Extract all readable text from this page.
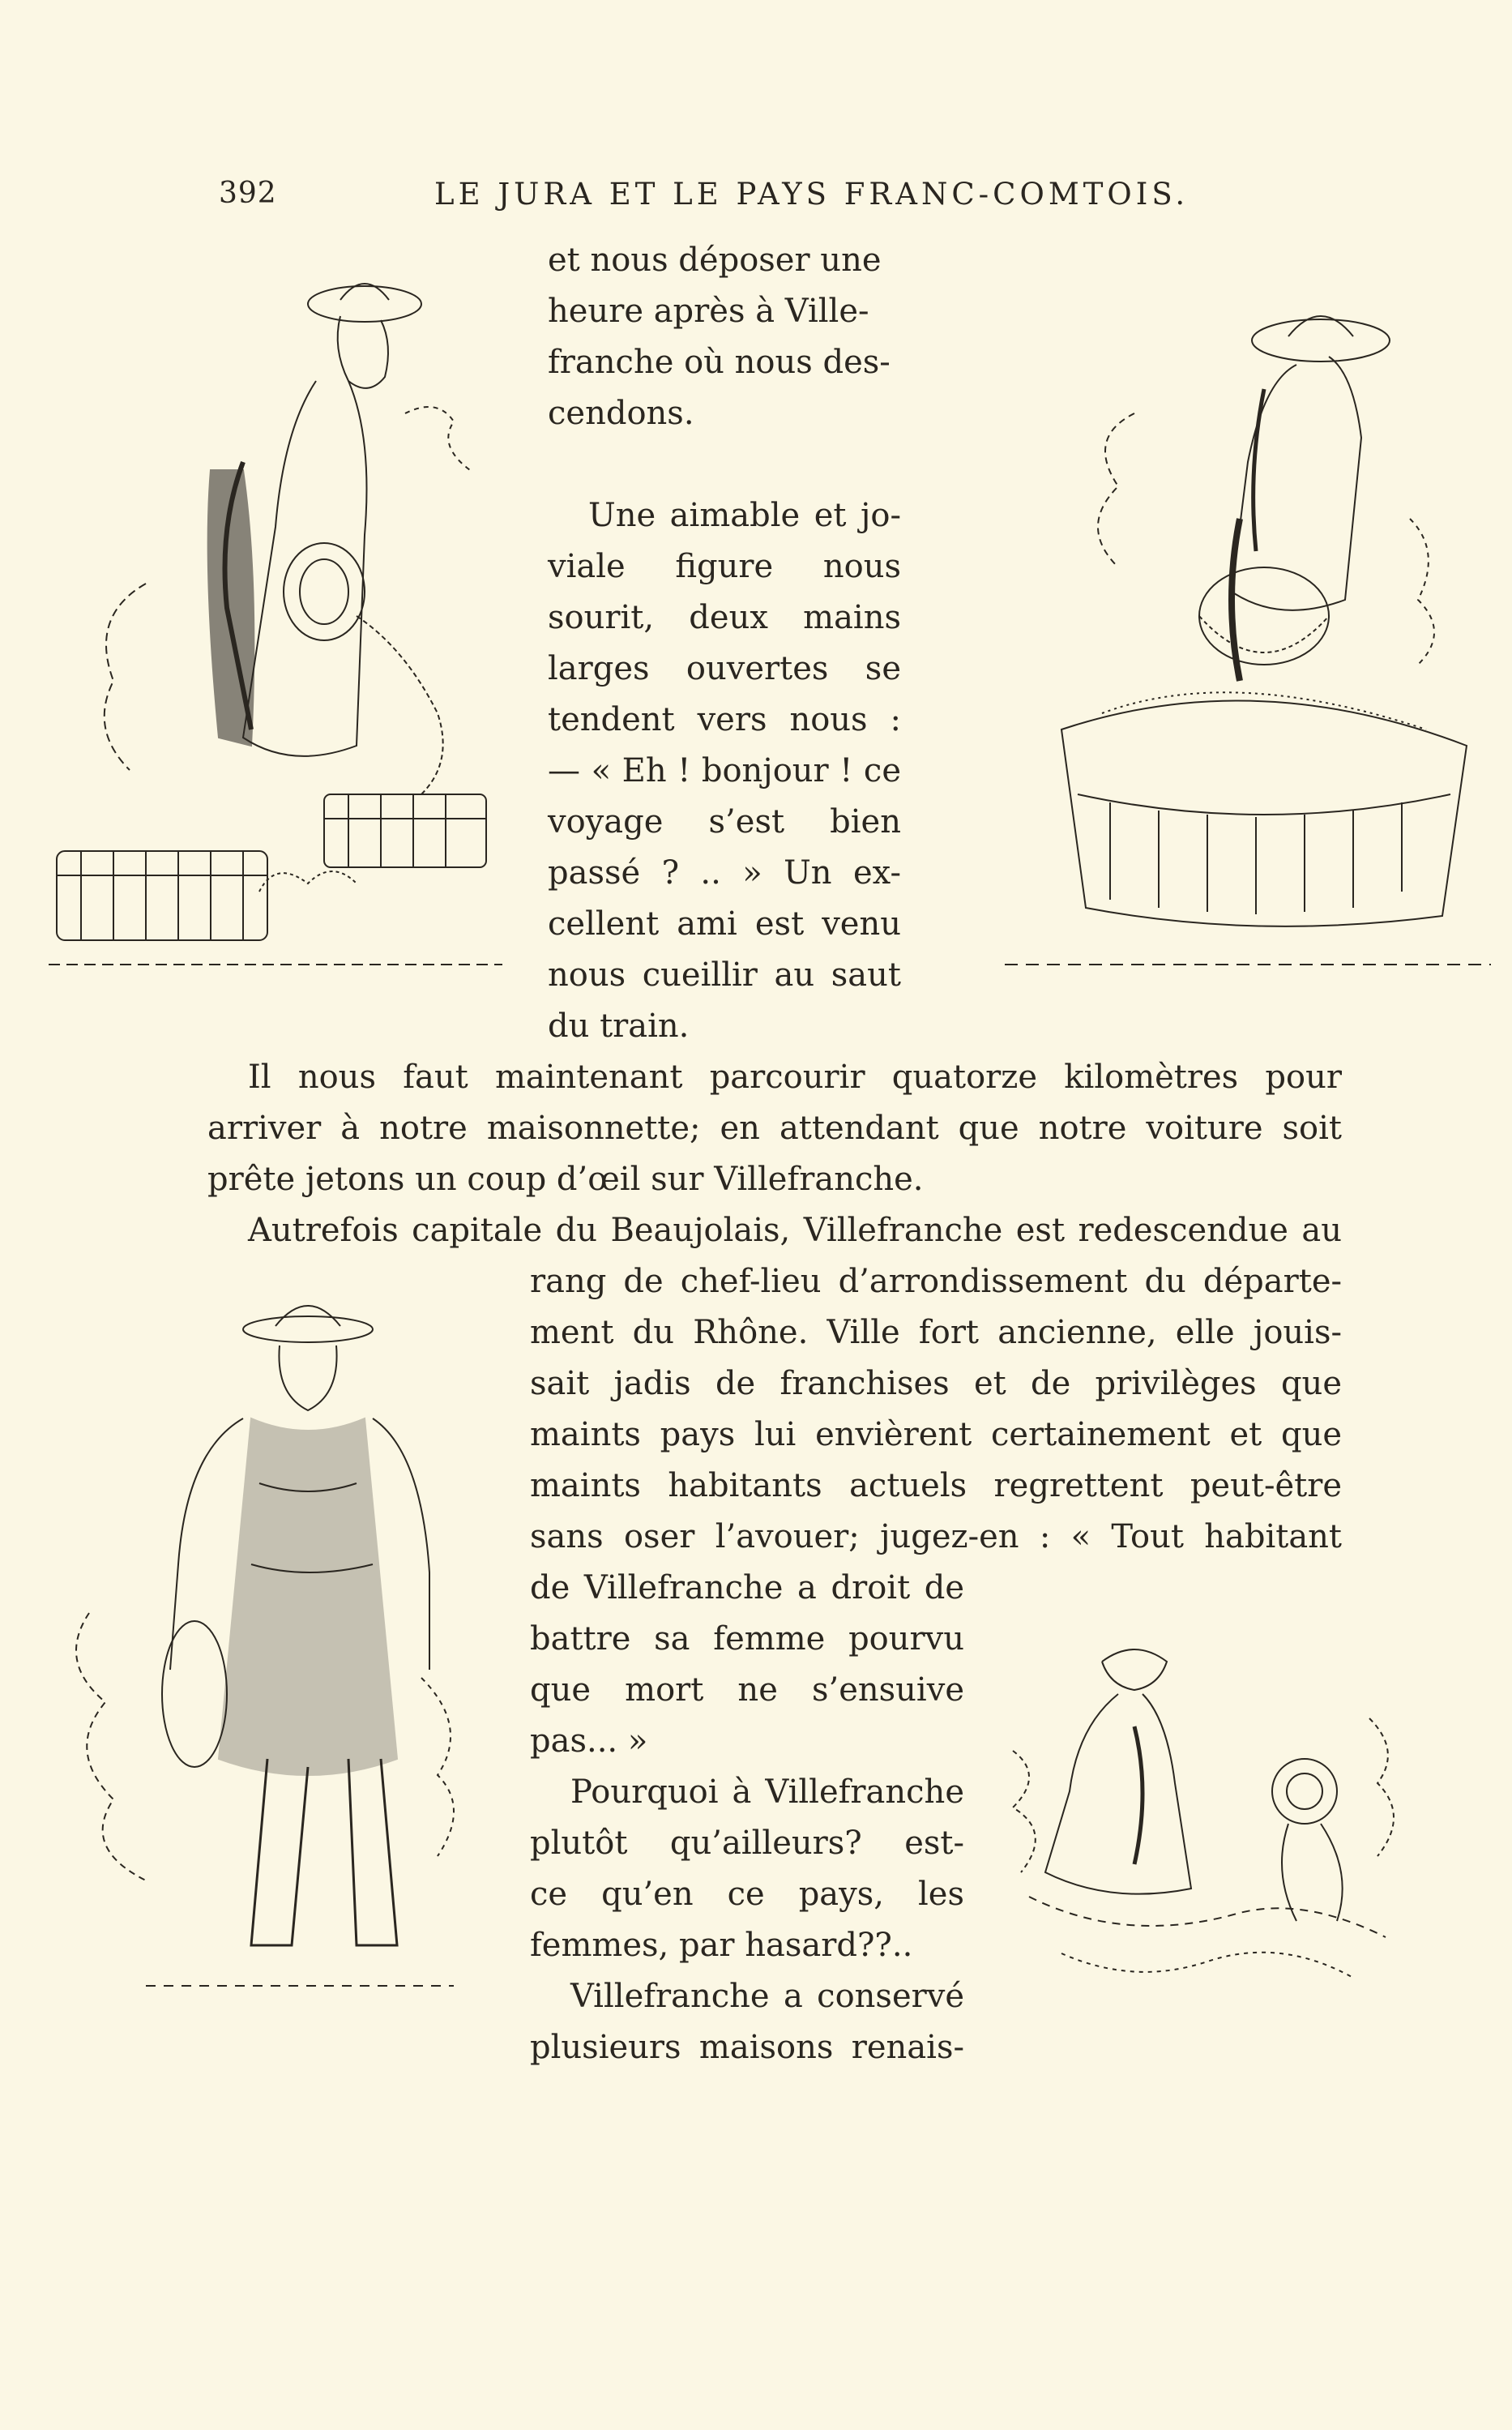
392	LE JURA ET LE PAYS FRANC-COMTOIS.
et nous déposer une
heure après à Ville-
franche où nous des-
cendons.
Une aimable et jo-
viale figure nous
sourit, deux mains
larges ouvertes se
tendent vers nous :
— « Eh ! bonjour ! ce
voyage s’est bien
passé ? .. » Un ex-
cellent ami est venu
nous cueillir au saut
du train.
Il nous faut maintenant parcourir quatorze kilomètres pour
arriver à notre maisonnette; en attendant que notre voiture soit
prête jetons un coup d’œil sur Villefranche.
Autrefois capitale du Beaujolais, Villefranche est redescendue au
rang de chef-lieu d’arrondissement du départe-
ment du Rhône. Ville fort ancienne, elle jouis-
sait jadis de franchises et de privilèges que
maints pays lui envièrent certainement et que
maints habitants actuels regrettent peut-être
sans oser l’avouer; jugez-en : « Tout habitant
de Villefranche a droit de
battre sa femme pourvu
que mort ne s’ensuive
pas... »
Pourquoi à Villefranche
plutôt qu’ailleurs? est-
ce qu’en ce pays, les
femmes, par hasard??..
Villefranche a conservé
plusieurs maisons renais-
